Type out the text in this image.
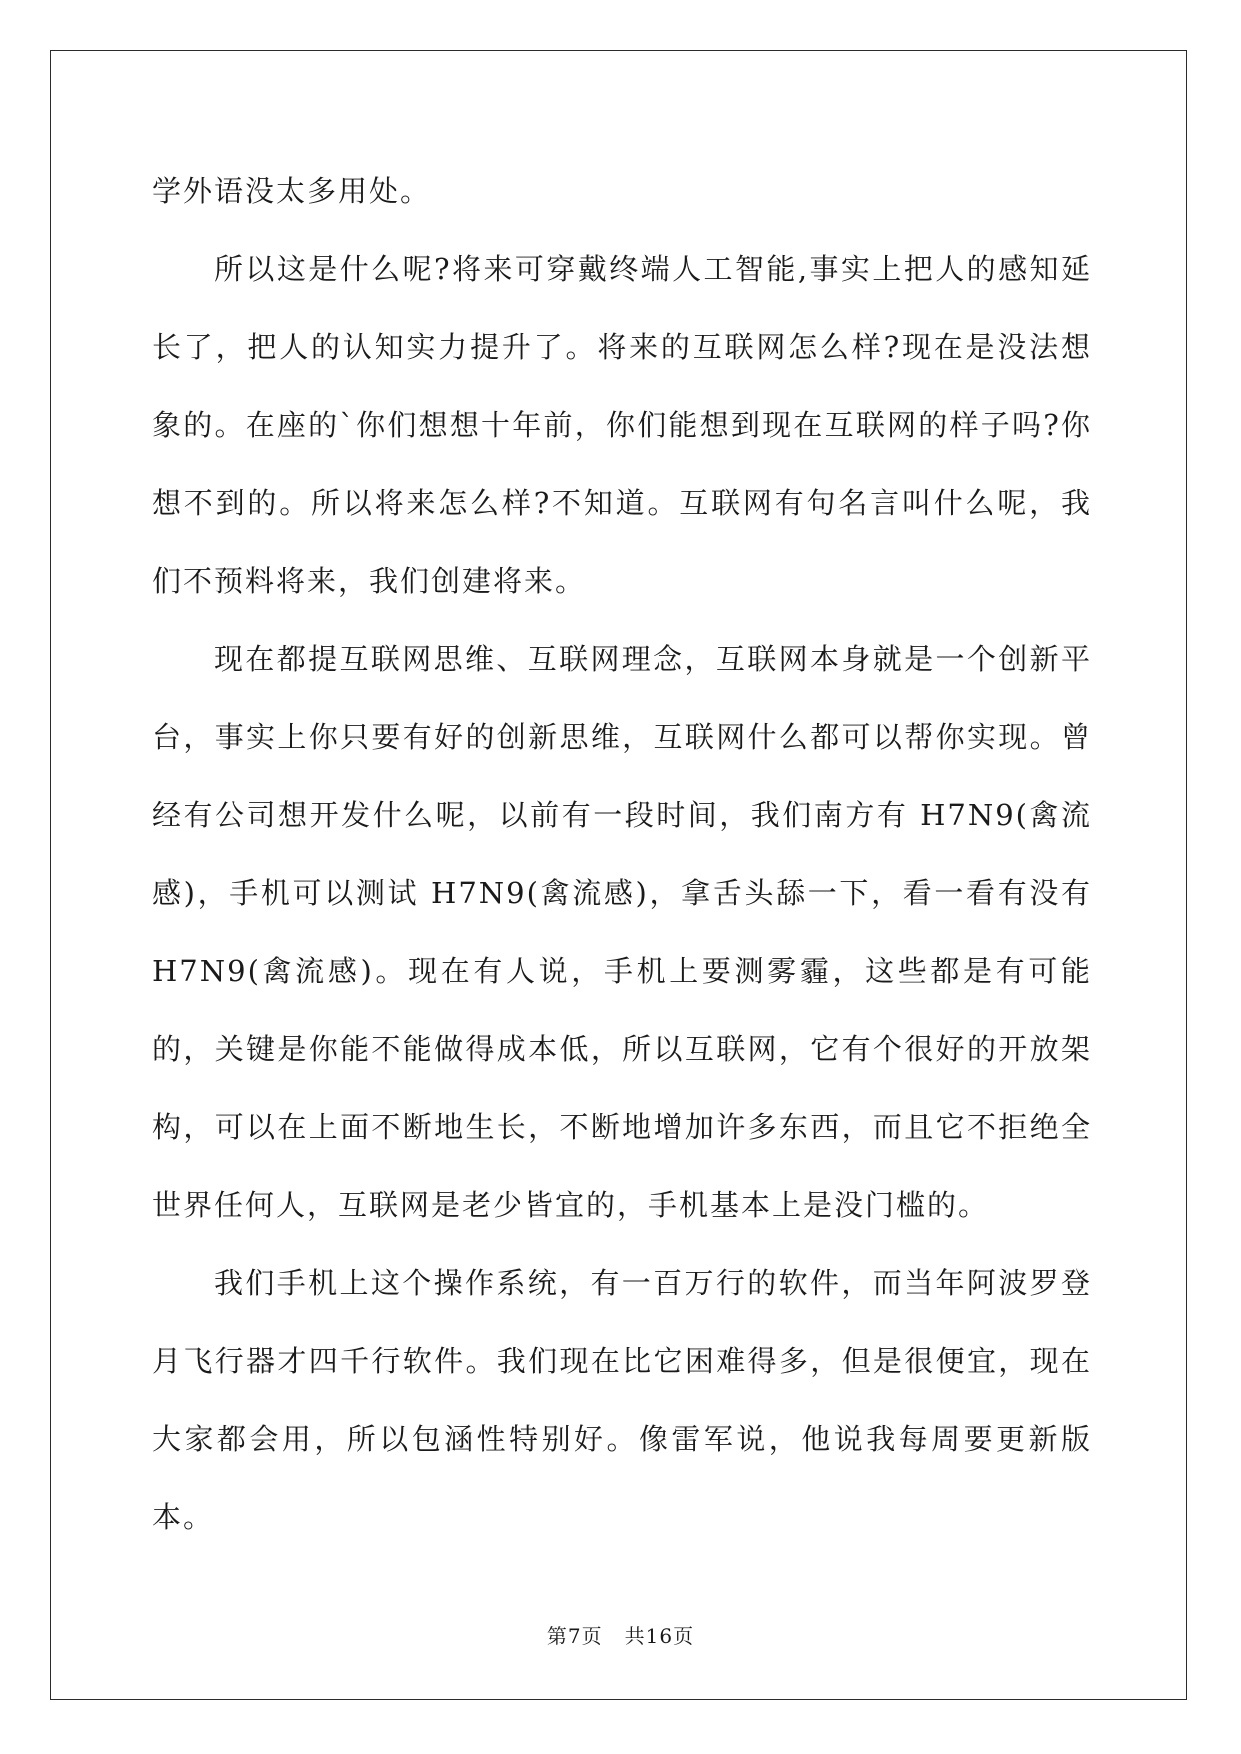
学外语没太多用处。

所以这是什么呢?将来可穿戴终端人工智能,事实上把人的感知延长了，把人的认知实力提升了。将来的互联网怎么样?现在是没法想象的。在座的`你们想想十年前，你们能想到现在互联网的样子吗?你想不到的。所以将来怎么样?不知道。互联网有句名言叫什么呢，我们不预料将来，我们创建将来。

现在都提互联网思维、互联网理念，互联网本身就是一个创新平台，事实上你只要有好的创新思维，互联网什么都可以帮你实现。曾经有公司想开发什么呢，以前有一段时间，我们南方有 H7N9(禽流感)，手机可以测试 H7N9(禽流感)，拿舌头舔一下，看一看有没有 H7N9(禽流感)。现在有人说，手机上要测雾霾，这些都是有可能的，关键是你能不能做得成本低，所以互联网，它有个很好的开放架构，可以在上面不断地生长，不断地增加许多东西，而且它不拒绝全世界任何人，互联网是老少皆宜的，手机基本上是没门槛的。

我们手机上这个操作系统，有一百万行的软件，而当年阿波罗登月飞行器才四千行软件。我们现在比它困难得多，但是很便宜，现在大家都会用，所以包涵性特别好。像雷军说，他说我每周要更新版本。

第7页 共16页
